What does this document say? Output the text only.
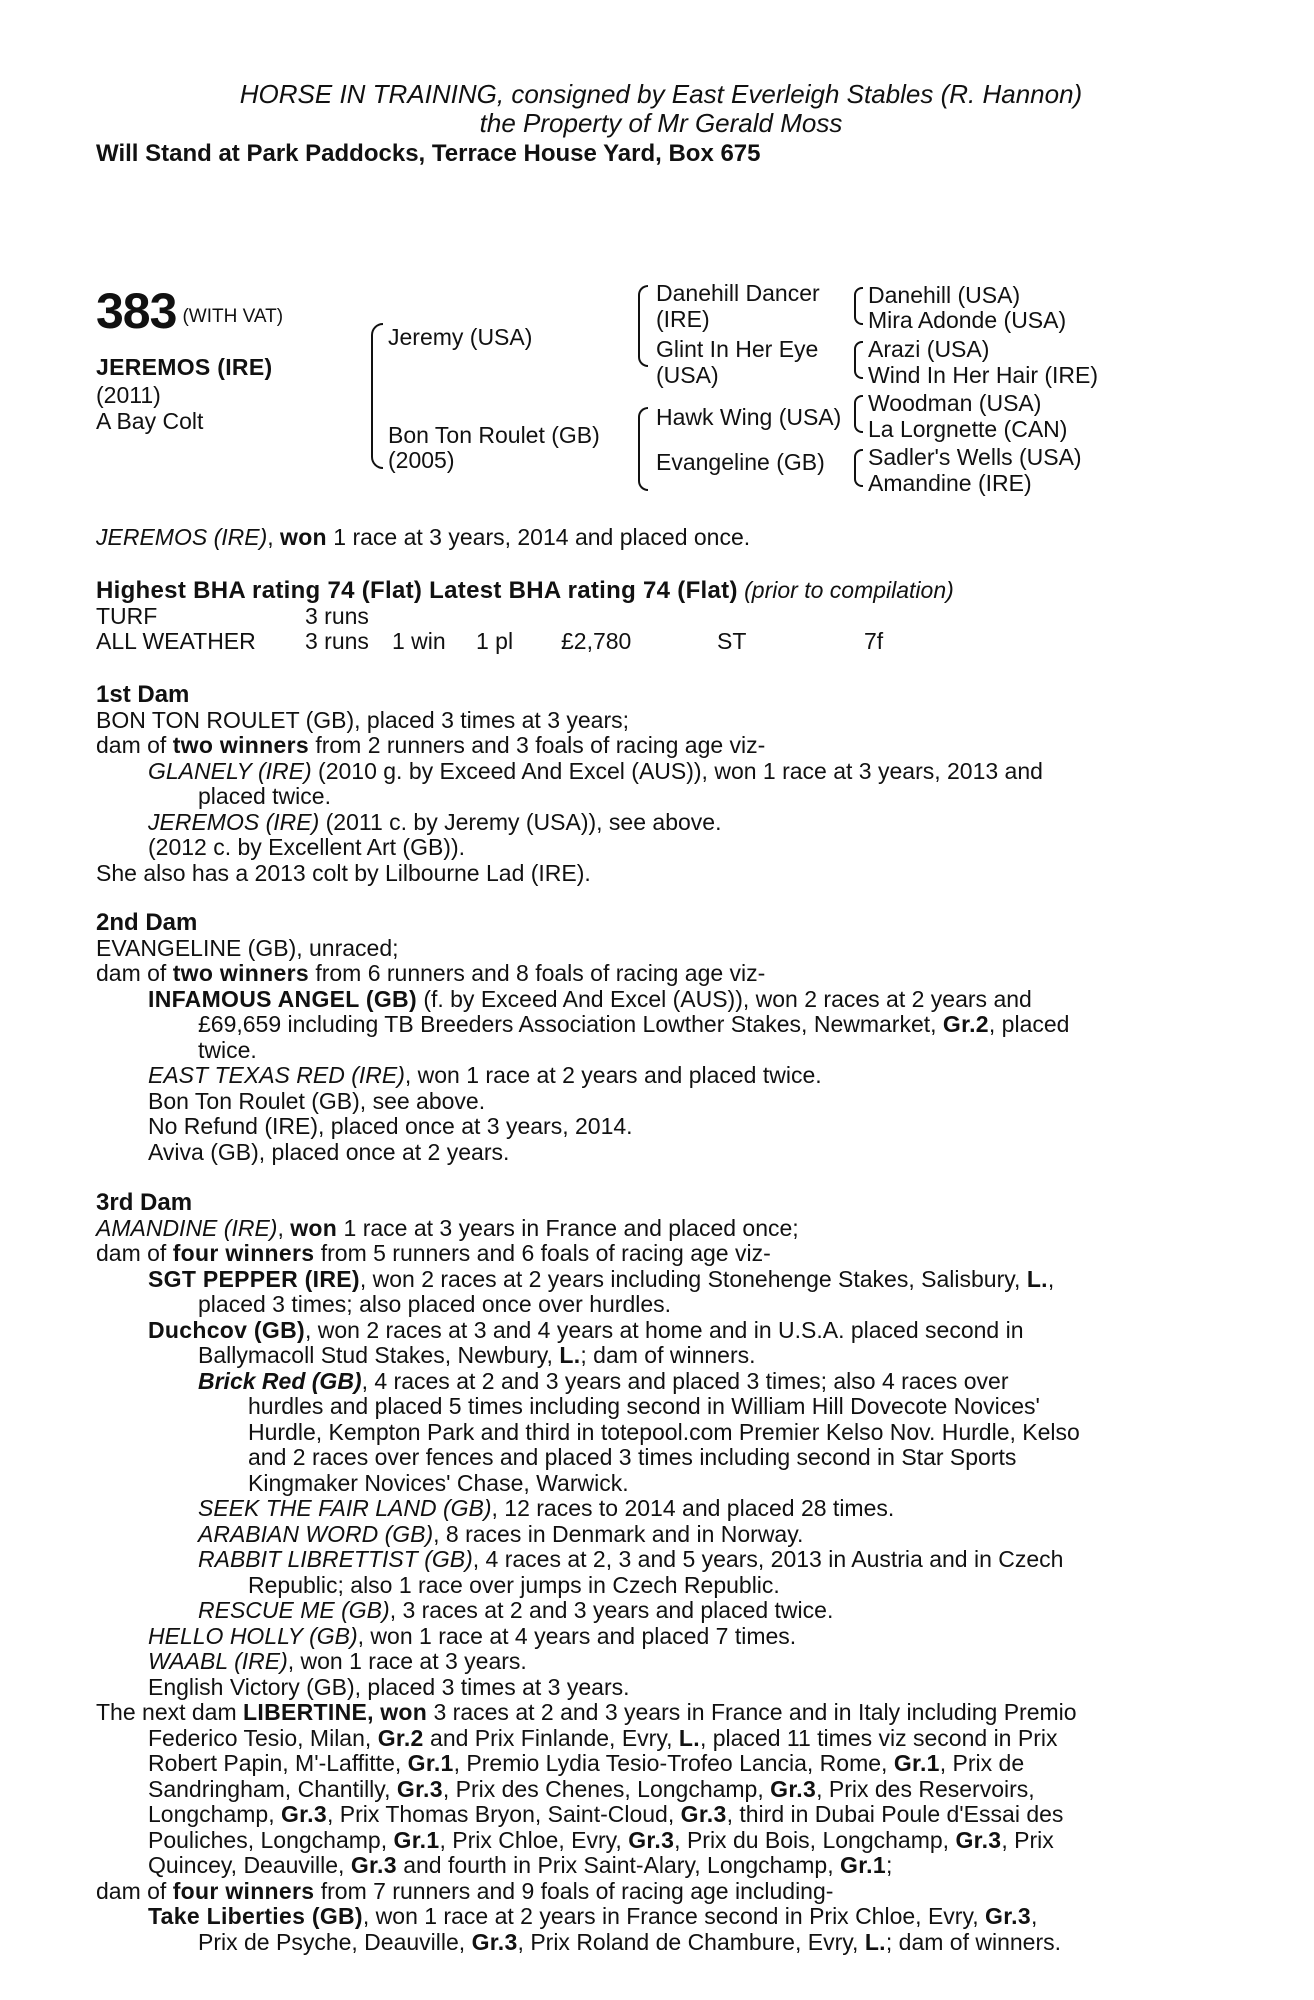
HORSE IN TRAINING, consigned by East Everleigh Stables (R. Hannon)
the Property of Mr Gerald Moss
Will Stand at Park Paddocks, Terrace House Yard, Box 675
383 (WITH VAT)
JEREMOS (IRE)
(2011)
A Bay Colt
Jeremy (USA)
Bon Ton Roulet (GB)
(2005)
Danehill Dancer
(IRE)
Glint In Her Eye
(USA)
Hawk Wing (USA)
Evangeline (GB)
Danehill (USA)
Mira Adonde (USA)
Arazi (USA)
Wind In Her Hair (IRE)
Woodman (USA)
La Lorgnette (CAN)
Sadler's Wells (USA)
Amandine (IRE)
JEREMOS (IRE), won 1 race at 3 years, 2014 and placed once.
Highest BHA rating 74 (Flat) Latest BHA rating 74 (Flat) (prior to compilation)
TURF	3 runs
ALL WEATHER 3 runs 1 win 1 pl £2,780	ST	7f
1st Dam
BON TON ROULET (GB), placed 3 times at 3 years;
dam of two winners from 2 runners and 3 foals of racing age viz-
GLANELY (IRE) (2010 g. by Exceed And Excel (AUS)), won 1 race at 3 years, 2013 and
placed twice.
JEREMOS (IRE) (2011 c. by Jeremy (USA)), see above.
(2012 c. by Excellent Art (GB)).
She also has a 2013 colt by Lilbourne Lad (IRE).
2nd Dam
EVANGELINE (GB), unraced;
dam of two winners from 6 runners and 8 foals of racing age viz-
INFAMOUS ANGEL (GB) (f. by Exceed And Excel (AUS)), won 2 races at 2 years and
£69,659 including TB Breeders Association Lowther Stakes, Newmarket, Gr.2, placed
twice.
EAST TEXAS RED (IRE), won 1 race at 2 years and placed twice.
Bon Ton Roulet (GB), see above.
No Refund (IRE), placed once at 3 years, 2014.
Aviva (GB), placed once at 2 years.
3rd Dam
AMANDINE (IRE), won 1 race at 3 years in France and placed once;
dam of four winners from 5 runners and 6 foals of racing age viz-
SGT PEPPER (IRE), won 2 races at 2 years including Stonehenge Stakes, Salisbury, L.,
placed 3 times; also placed once over hurdles.
Duchcov (GB), won 2 races at 3 and 4 years at home and in U.S.A. placed second in
Ballymacoll Stud Stakes, Newbury, L.; dam of winners.
Brick Red (GB), 4 races at 2 and 3 years and placed 3 times; also 4 races over
hurdles and placed 5 times including second in William Hill Dovecote Novices'
Hurdle, Kempton Park and third in totepool.com Premier Kelso Nov. Hurdle, Kelso
and 2 races over fences and placed 3 times including second in Star Sports
Kingmaker Novices' Chase, Warwick.
SEEK THE FAIR LAND (GB), 12 races to 2014 and placed 28 times.
ARABIAN WORD (GB), 8 races in Denmark and in Norway.
RABBIT LIBRETTIST (GB), 4 races at 2, 3 and 5 years, 2013 in Austria and in Czech
Republic; also 1 race over jumps in Czech Republic.
RESCUE ME (GB), 3 races at 2 and 3 years and placed twice.
HELLO HOLLY (GB), won 1 race at 4 years and placed 7 times.
WAABL (IRE), won 1 race at 3 years.
English Victory (GB), placed 3 times at 3 years.
The next dam LIBERTINE, won 3 races at 2 and 3 years in France and in Italy including Premio
Federico Tesio, Milan, Gr.2 and Prix Finlande, Evry, L., placed 11 times viz second in Prix
Robert Papin, M'-Laffitte, Gr.1, Premio Lydia Tesio-Trofeo Lancia, Rome, Gr.1, Prix de
Sandringham, Chantilly, Gr.3, Prix des Chenes, Longchamp, Gr.3, Prix des Reservoirs,
Longchamp, Gr.3, Prix Thomas Bryon, Saint-Cloud, Gr.3, third in Dubai Poule d'Essai des
Pouliches, Longchamp, Gr.1, Prix Chloe, Evry, Gr.3, Prix du Bois, Longchamp, Gr.3, Prix
Quincey, Deauville, Gr.3 and fourth in Prix Saint-Alary, Longchamp, Gr.1;
dam of four winners from 7 runners and 9 foals of racing age including-
Take Liberties (GB), won 1 race at 2 years in France second in Prix Chloe, Evry, Gr.3,
Prix de Psyche, Deauville, Gr.3, Prix Roland de Chambure, Evry, L.; dam of winners.
